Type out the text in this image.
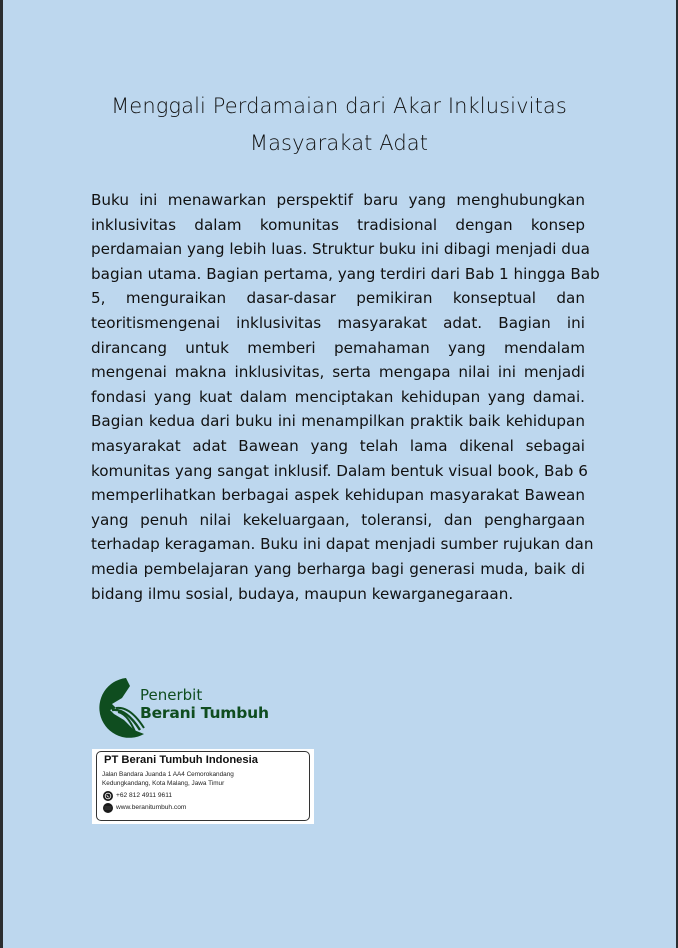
Menggali Perdamaian dari Akar Inklusivitas
Masyarakat Adat
Buku ini menawarkan perspektif baru yang menghubungkan
inklusivitas dalam komunitas tradisional dengan konsep
perdamaian yang lebih luas. Struktur buku ini dibagi menjadi dua
bagian utama. Bagian pertama, yang terdiri dari Bab 1 hingga Bab
5, menguraikan dasar-dasar pemikiran konseptual dan
teoritismengenai inklusivitas masyarakat adat. Bagian ini
dirancang untuk memberi pemahaman yang mendalam
mengenai makna inklusivitas, serta mengapa nilai ini menjadi
fondasi yang kuat dalam menciptakan kehidupan yang damai.
Bagian kedua dari buku ini menampilkan praktik baik kehidupan
masyarakat adat Bawean yang telah lama dikenal sebagai
komunitas yang sangat inklusif. Dalam bentuk visual book, Bab 6
memperlihatkan berbagai aspek kehidupan masyarakat Bawean
yang penuh nilai kekeluargaan, toleransi, dan penghargaan
terhadap keragaman. Buku ini dapat menjadi sumber rujukan dan
media pembelajaran yang berharga bagi generasi muda, baik di
bidang ilmu sosial, budaya, maupun kewarganegaraan.
Penerbit
Berani Tumbuh
PT Berani Tumbuh Indonesia
Jalan Bandara Juanda 1 AA4 Cemorokandang
Kedungkandang, Kota Malang, Jawa Timur
+62 812 4911 9611
www.beranitumbuh.com
